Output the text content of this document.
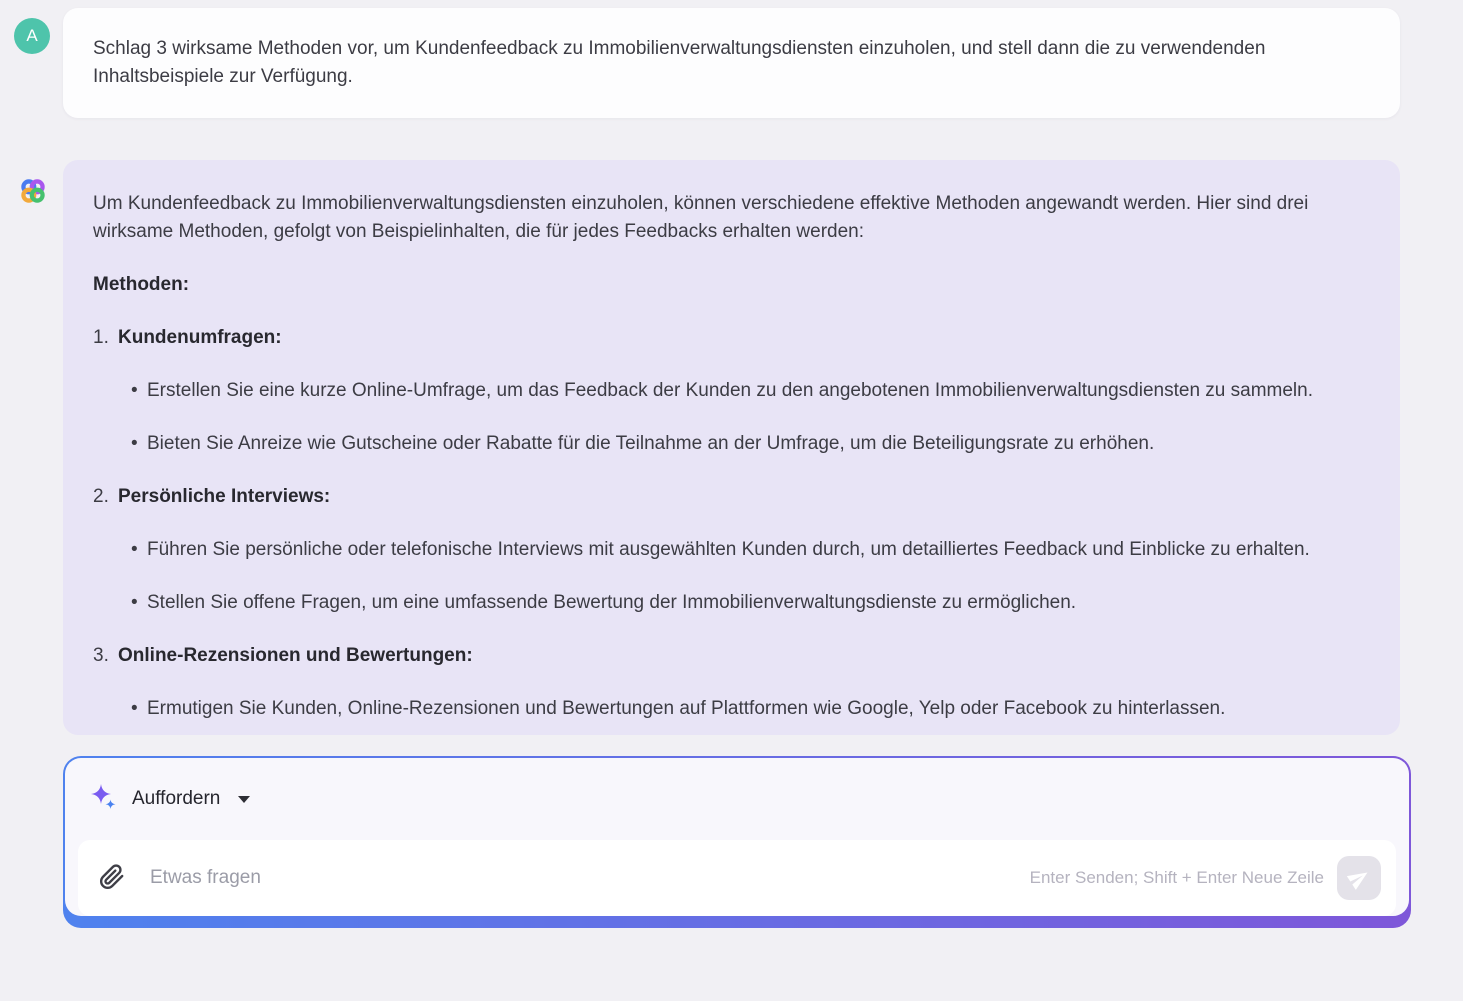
A

Schlag 3 wirksame Methoden vor, um Kundenfeedback zu Immobilienverwaltungsdiensten einzuholen, und stell dann die zu verwendenden Inhaltsbeispiele zur Verfügung.

Um Kundenfeedback zu Immobilienverwaltungsdiensten einzuholen, können verschiedene effektive Methoden angewandt werden. Hier sind drei wirksame Methoden, gefolgt von Beispielinhalten, die für jedes Feedbacks erhalten werden:

Methoden:

1. Kundenumfragen:
• Erstellen Sie eine kurze Online-Umfrage, um das Feedback der Kunden zu den angebotenen Immobilienverwaltungsdiensten zu sammeln.
• Bieten Sie Anreize wie Gutscheine oder Rabatte für die Teilnahme an der Umfrage, um die Beteiligungsrate zu erhöhen.
2. Persönliche Interviews:
• Führen Sie persönliche oder telefonische Interviews mit ausgewählten Kunden durch, um detailliertes Feedback und Einblicke zu erhalten.
• Stellen Sie offene Fragen, um eine umfassende Bewertung der Immobilienverwaltungsdienste zu ermöglichen.
3. Online-Rezensionen und Bewertungen:
• Ermutigen Sie Kunden, Online-Rezensionen und Bewertungen auf Plattformen wie Google, Yelp oder Facebook zu hinterlassen.
Auffordern
Etwas fragen
Enter Senden; Shift + Enter Neue Zeile
